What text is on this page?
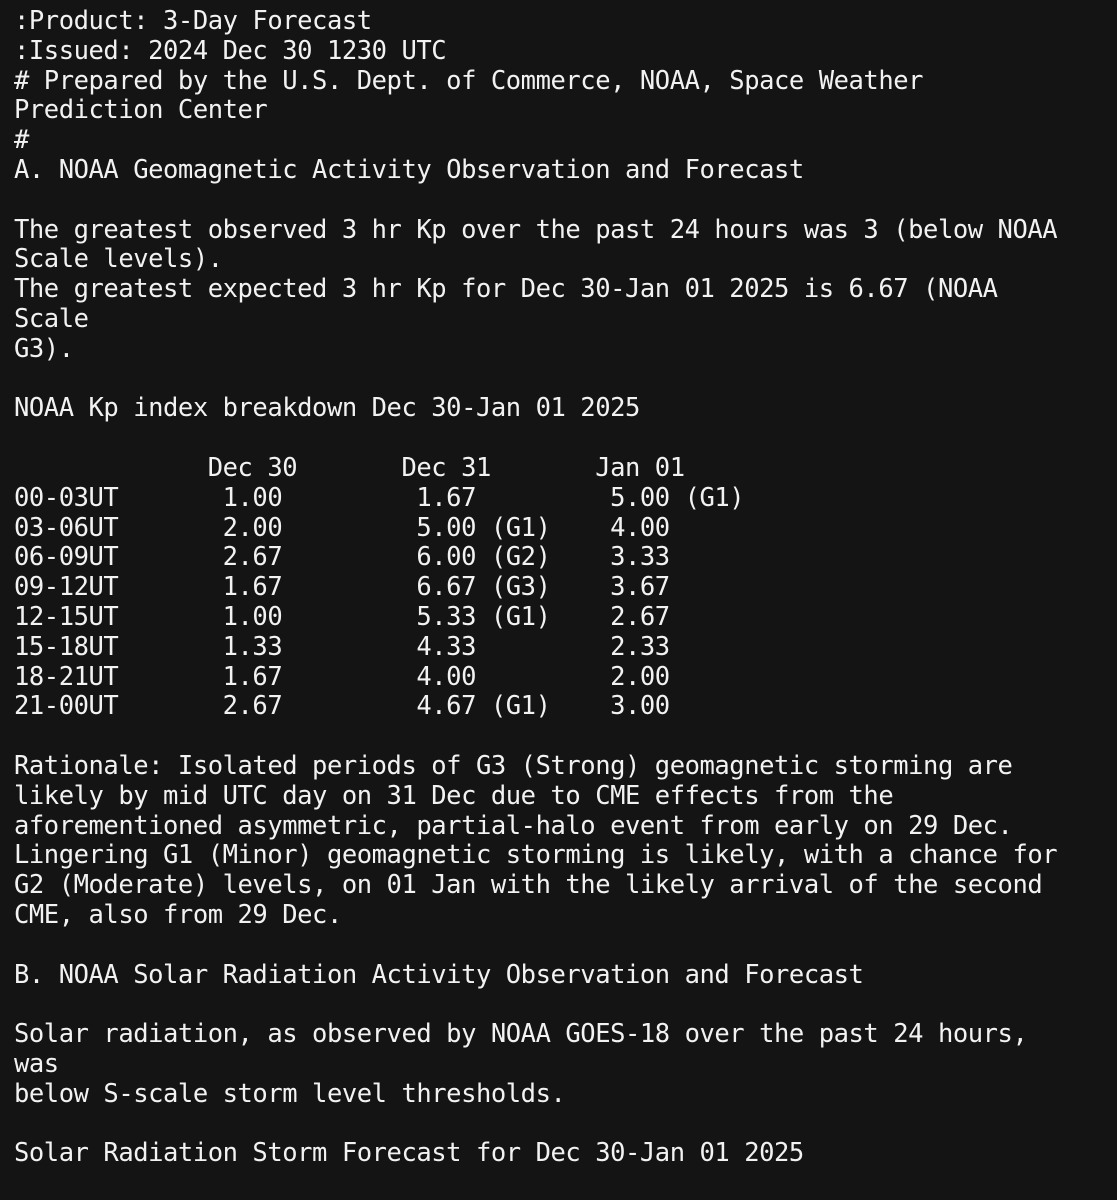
:Product: 3-Day Forecast
:Issued: 2024 Dec 30 1230 UTC
# Prepared by the U.S. Dept. of Commerce, NOAA, Space Weather
Prediction Center
#
A. NOAA Geomagnetic Activity Observation and Forecast
The greatest observed 3 hr Kp over the past 24 hours was 3 (below NOAA
Scale levels).
The greatest expected 3 hr Kp for Dec 30-Jan 01 2025 is 6.67 (NOAA
Scale
G3).
NOAA Kp index breakdown Dec 30-Jan 01 2025
Dec 30       Dec 31       Jan 01
00-03UT       1.00         1.67         5.00 (G1)
03-06UT       2.00         5.00 (G1)    4.00
06-09UT       2.67         6.00 (G2)    3.33
09-12UT       1.67         6.67 (G3)    3.67
12-15UT       1.00         5.33 (G1)    2.67
15-18UT       1.33         4.33         2.33
18-21UT       1.67         4.00         2.00
21-00UT       2.67         4.67 (G1)    3.00
Rationale: Isolated periods of G3 (Strong) geomagnetic storming are
likely by mid UTC day on 31 Dec due to CME effects from the
aforementioned asymmetric, partial-halo event from early on 29 Dec.
Lingering G1 (Minor) geomagnetic storming is likely, with a chance for
G2 (Moderate) levels, on 01 Jan with the likely arrival of the second
CME, also from 29 Dec.
B. NOAA Solar Radiation Activity Observation and Forecast
Solar radiation, as observed by NOAA GOES-18 over the past 24 hours,
was
below S-scale storm level thresholds.
Solar Radiation Storm Forecast for Dec 30-Jan 01 2025
